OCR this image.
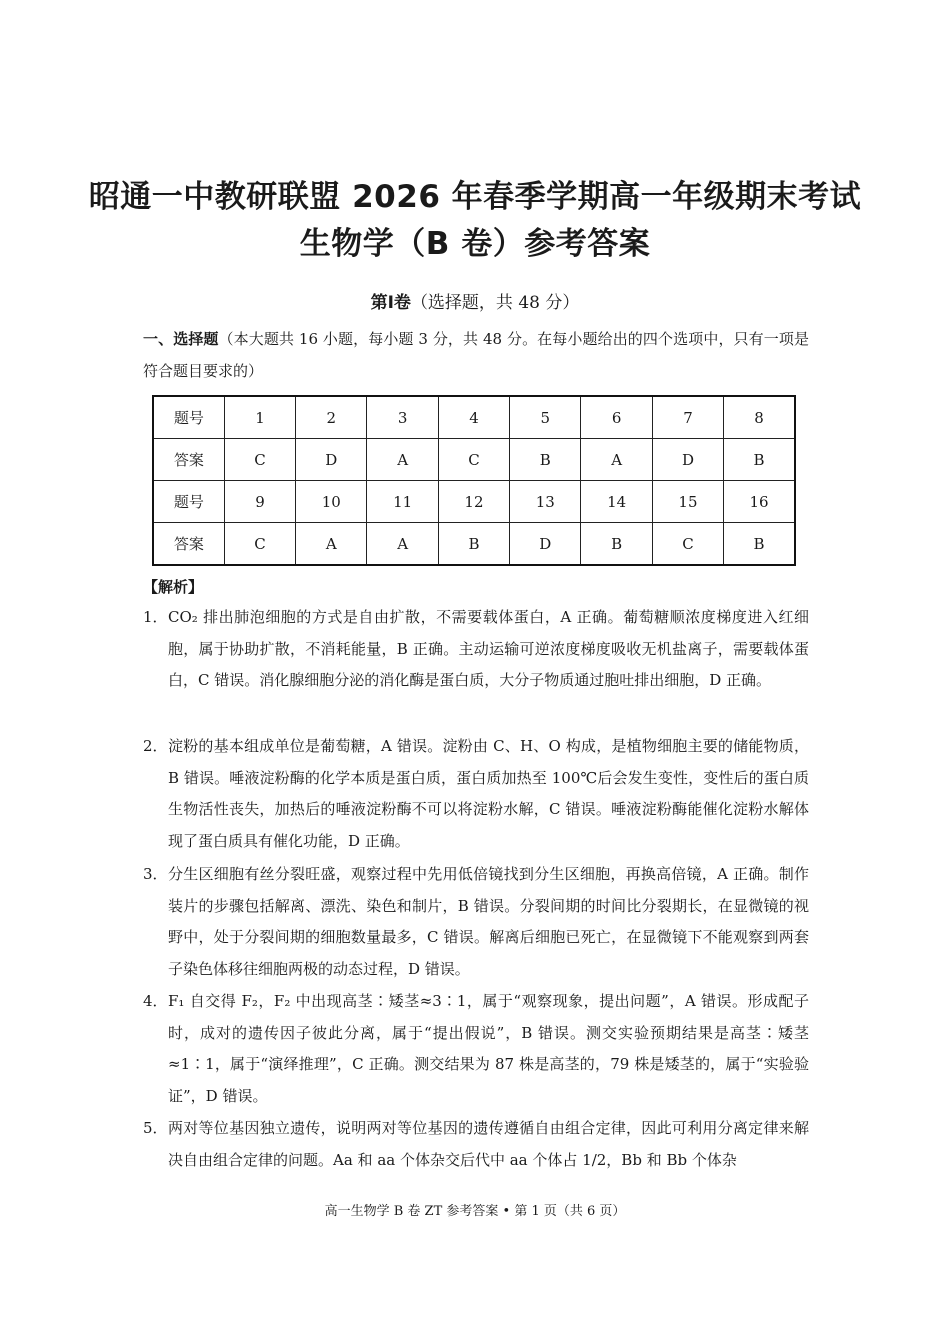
昭通一中教研联盟 2026 年春季学期高一年级期末考试
生物学（B 卷）参考答案
第Ⅰ卷（选择题，共 48 分）
一、选择题（本大题共 16 小题，每小题 3 分，共 48 分。在每小题给出的四个选项中，只有一项是符合题目要求的）
题号	1	2	3	4	5	6	7	8
答案	C	D	A	C	B	A	D	B
题号	9	10	11	12	13	14	15	16
答案	C	A	A	B	D	B	C	B
【解析】
1． CO₂ 排出肺泡细胞的方式是自由扩散，不需要载体蛋白，A 正确。葡萄糖顺浓度梯度进入红细胞，属于协助扩散，不消耗能量，B 正确。主动运输可逆浓度梯度吸收无机盐离子，需要载体蛋白，C 错误。消化腺细胞分泌的消化酶是蛋白质，大分子物质通过胞吐排出细胞，D 正确。
2． 淀粉的基本组成单位是葡萄糖，A 错误。淀粉由 C、H、O 构成，是植物细胞主要的储能物质，B 错误。唾液淀粉酶的化学本质是蛋白质，蛋白质加热至 100℃后会发生变性，变性后的蛋白质生物活性丧失，加热后的唾液淀粉酶不可以将淀粉水解，C 错误。唾液淀粉酶能催化淀粉水解体现了蛋白质具有催化功能，D 正确。
3． 分生区细胞有丝分裂旺盛，观察过程中先用低倍镜找到分生区细胞，再换高倍镜，A 正确。制作装片的步骤包括解离、漂洗、染色和制片，B 错误。分裂间期的时间比分裂期长，在显微镜的视野中，处于分裂间期的细胞数量最多，C 错误。解离后细胞已死亡，在显微镜下不能观察到两套子染色体移往细胞两极的动态过程，D 错误。
4． F₁ 自交得 F₂，F₂ 中出现高茎∶矮茎≈3∶1，属于“观察现象，提出问题”，A 错误。形成配子时，成对的遗传因子彼此分离，属于“提出假说”，B 错误。测交实验预期结果是高茎∶矮茎≈1∶1，属于“演绎推理”，C 正确。测交结果为 87 株是高茎的，79 株是矮茎的，属于“实验验证”，D 错误。
5． 两对等位基因独立遗传，说明两对等位基因的遗传遵循自由组合定律，因此可利用分离定律来解决自由组合定律的问题。Aa 和 aa 个体杂交后代中 aa 个体占 1/2，Bb 和 Bb 个体杂
高一生物学 B 卷 ZT 参考答案 • 第 1 页（共 6 页）
